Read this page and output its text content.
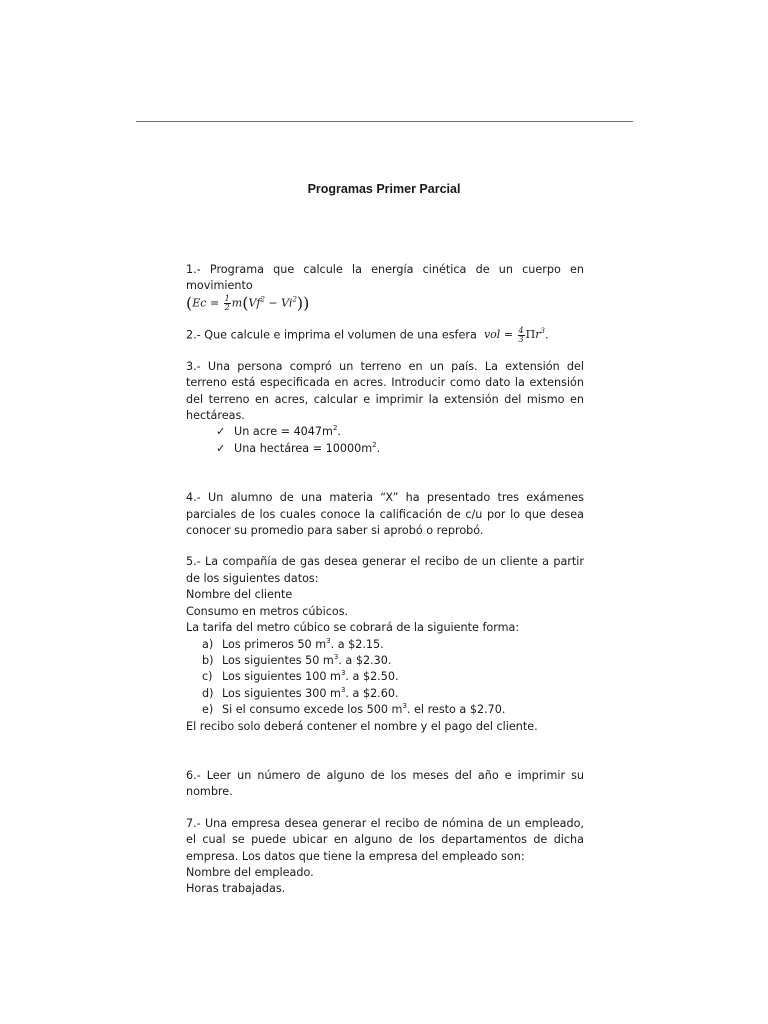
Programas Primer Parcial

1.- Programa que calcule la energía cinética de un cuerpo en movimiento

$(Ec = \frac{1}{2} m(Vf^2 - Vi^2))$

2.- Que calcule e imprima el volumen de una esfera vol = $\frac{4}{3} \Pi r^3$.

3.- Una persona compró un terreno en un país. La extensión del terreno está especificada en acres. Introducir como dato la extensión del terreno en acres, calcular e imprimir la extensión del mismo en hectáreas.

✓ Un acre = $4047m^2$.
✓ Una hectárea = $10000m^2$.

4.- Un alumno de una materia “X” ha presentado tres exámenes parciales de los cuales conoce la calificación de c/u por lo que desea conocer su promedio para saber si aprobó o reprobó.

5.- La compañía de gas desea generar el recibo de un cliente a partir de los siguientes datos:

Nombre del cliente
Consumo en metros cúbicos.
La tarifa del metro cúbico se cobrará de la siguiente forma:
a) Los primeros 50 $m^3$. a $2.15.
b) Los siguientes 50 $m^3$. a $2.30.
c) Los siguientes 100 $m^3$. a $2.50.
d) Los siguientes 300 $m^3$. a $2.60.
e) Si el consumo excede los 500 $m^3$. el resto a $2.70.
El recibo solo deberá contener el nombre y el pago del cliente.

6.- Leer un número de alguno de los meses del año e imprimir su nombre.

7.- Una empresa desea generar el recibo de nómina de un empleado, el cual se puede ubicar en alguno de los departamentos de dicha empresa. Los datos que tiene la empresa del empleado son:

Nombre del empleado.
Horas trabajadas.
